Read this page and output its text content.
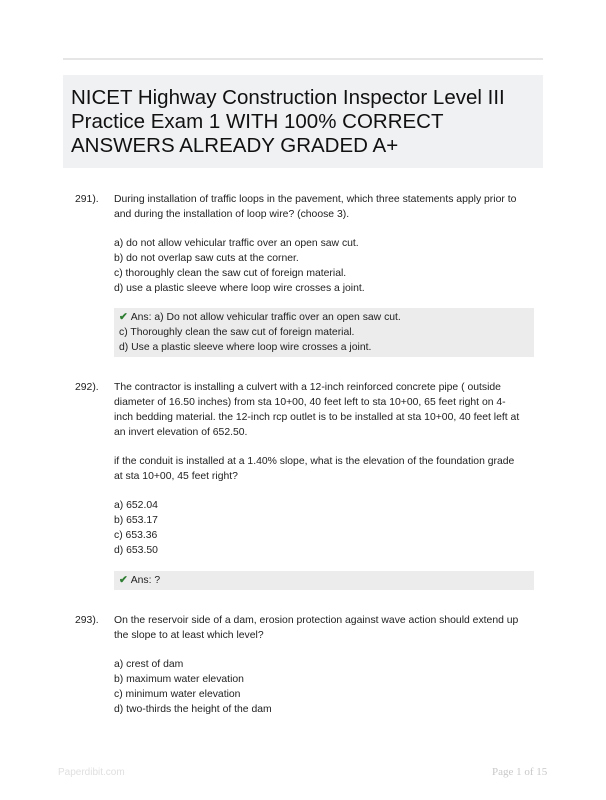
NICET Highway Construction Inspector Level III
Practice Exam 1 WITH 100% CORRECT
ANSWERS ALREADY GRADED A+
291). During installation of traffic loops in the pavement, which three statements apply prior to
and during the installation of loop wire? (choose 3).
a) do not allow vehicular traffic over an open saw cut.
b) do not overlap saw cuts at the corner.
c) thoroughly clean the saw cut of foreign material.
d) use a plastic sleeve where loop wire crosses a joint.
✔ Ans: a) Do not allow vehicular traffic over an open saw cut.
c) Thoroughly clean the saw cut of foreign material.
d) Use a plastic sleeve where loop wire crosses a joint.
292). The contractor is installing a culvert with a 12-inch reinforced concrete pipe ( outside
diameter of 16.50 inches) from sta 10+00, 40 feet left to sta 10+00, 65 feet right on 4-
inch bedding material. the 12-inch rcp outlet is to be installed at sta 10+00, 40 feet left at
an invert elevation of 652.50.
if the conduit is installed at a 1.40% slope, what is the elevation of the foundation grade
at sta 10+00, 45 feet right?
a) 652.04
b) 653.17
c) 653.36
d) 653.50
✔ Ans: ?
293). On the reservoir side of a dam, erosion protection against wave action should extend up
the slope to at least which level?
a) crest of dam
b) maximum water elevation
c) minimum water elevation
d) two-thirds the height of the dam
Paperdibit.com	Page 1 of 15
